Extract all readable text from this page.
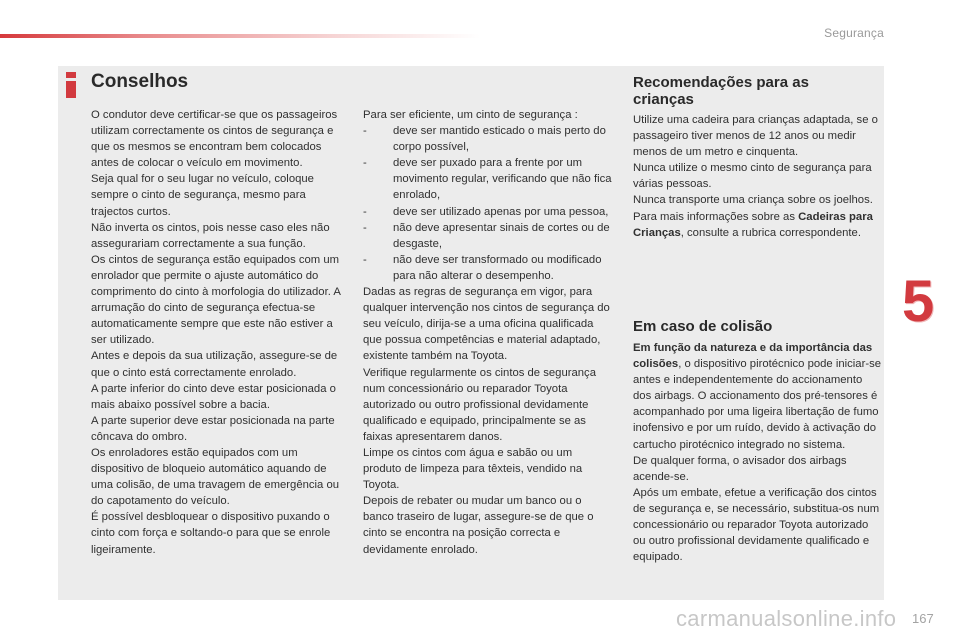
Segurança
Conselhos

O condutor deve certificar-se que os passageiros utilizam correctamente os cintos de segurança e que os mesmos se encontram bem colocados antes de colocar o veículo em movimento.

Seja qual for o seu lugar no veículo, coloque sempre o cinto de segurança, mesmo para trajectos curtos.

Não inverta os cintos, pois nesse caso eles não assegurariam correctamente a sua função.

Os cintos de segurança estão equipados com um enrolador que permite o ajuste automático do comprimento do cinto à morfologia do utilizador. A arrumação do cinto de segurança efectua-se automaticamente sempre que este não estiver a ser utilizado.

Antes e depois da sua utilização, assegure-se de que o cinto está correctamente enrolado.

A parte inferior do cinto deve estar posicionada o mais abaixo possível sobre a bacia.

A parte superior deve estar posicionada na parte côncava do ombro.

Os enroladores estão equipados com um dispositivo de bloqueio automático aquando de uma colisão, de uma travagem de emergência ou do capotamento do veículo.

É possível desbloquear o dispositivo puxando o cinto com força e soltando-o para que se enrole ligeiramente.

Para ser eficiente, um cinto de segurança :

- deve ser mantido esticado o mais perto do corpo possível,
- deve ser puxado para a frente por um movimento regular, verificando que não fica enrolado,
- deve ser utilizado apenas por uma pessoa,
- não deve apresentar sinais de cortes ou de desgaste,
- não deve ser transformado ou modificado para não alterar o desempenho.

Dadas as regras de segurança em vigor, para qualquer intervenção nos cintos de segurança do seu veículo, dirija-se a uma oficina qualificada que possua competências e material adaptado, existente também na Toyota.

Verifique regularmente os cintos de segurança num concessionário ou reparador Toyota autorizado ou outro profissional devidamente qualificado e equipado, principalmente se as faixas apresentarem danos.

Limpe os cintos com água e sabão ou um produto de limpeza para têxteis, vendido na Toyota.

Depois de rebater ou mudar um banco ou o banco traseiro de lugar, assegure-se de que o cinto se encontra na posição correcta e devidamente enrolado.

Recomendações para as crianças

Utilize uma cadeira para crianças adaptada, se o passageiro tiver menos de 12 anos ou medir menos de um metro e cinquenta.

Nunca utilize o mesmo cinto de segurança para várias pessoas.

Nunca transporte uma criança sobre os joelhos.

Para mais informações sobre as Cadeiras para Crianças, consulte a rubrica correspondente.

Em caso de colisão

Em função da natureza e da importância das colisões, o dispositivo pirotécnico pode iniciar-se antes e independentemente do accionamento dos airbags. O accionamento dos pré-tensores é acompanhado por uma ligeira libertação de fumo inofensivo e por um ruído, devido à activação do cartucho pirotécnico integrado no sistema.

De qualquer forma, o avisador dos airbags acende-se.

Após um embate, efetue a verificação dos cintos de segurança e, se necessário, substitua-os num concessionário ou reparador Toyota autorizado ou outro profissional devidamente qualificado e equipado.

5
carmanualsonline.info 167
